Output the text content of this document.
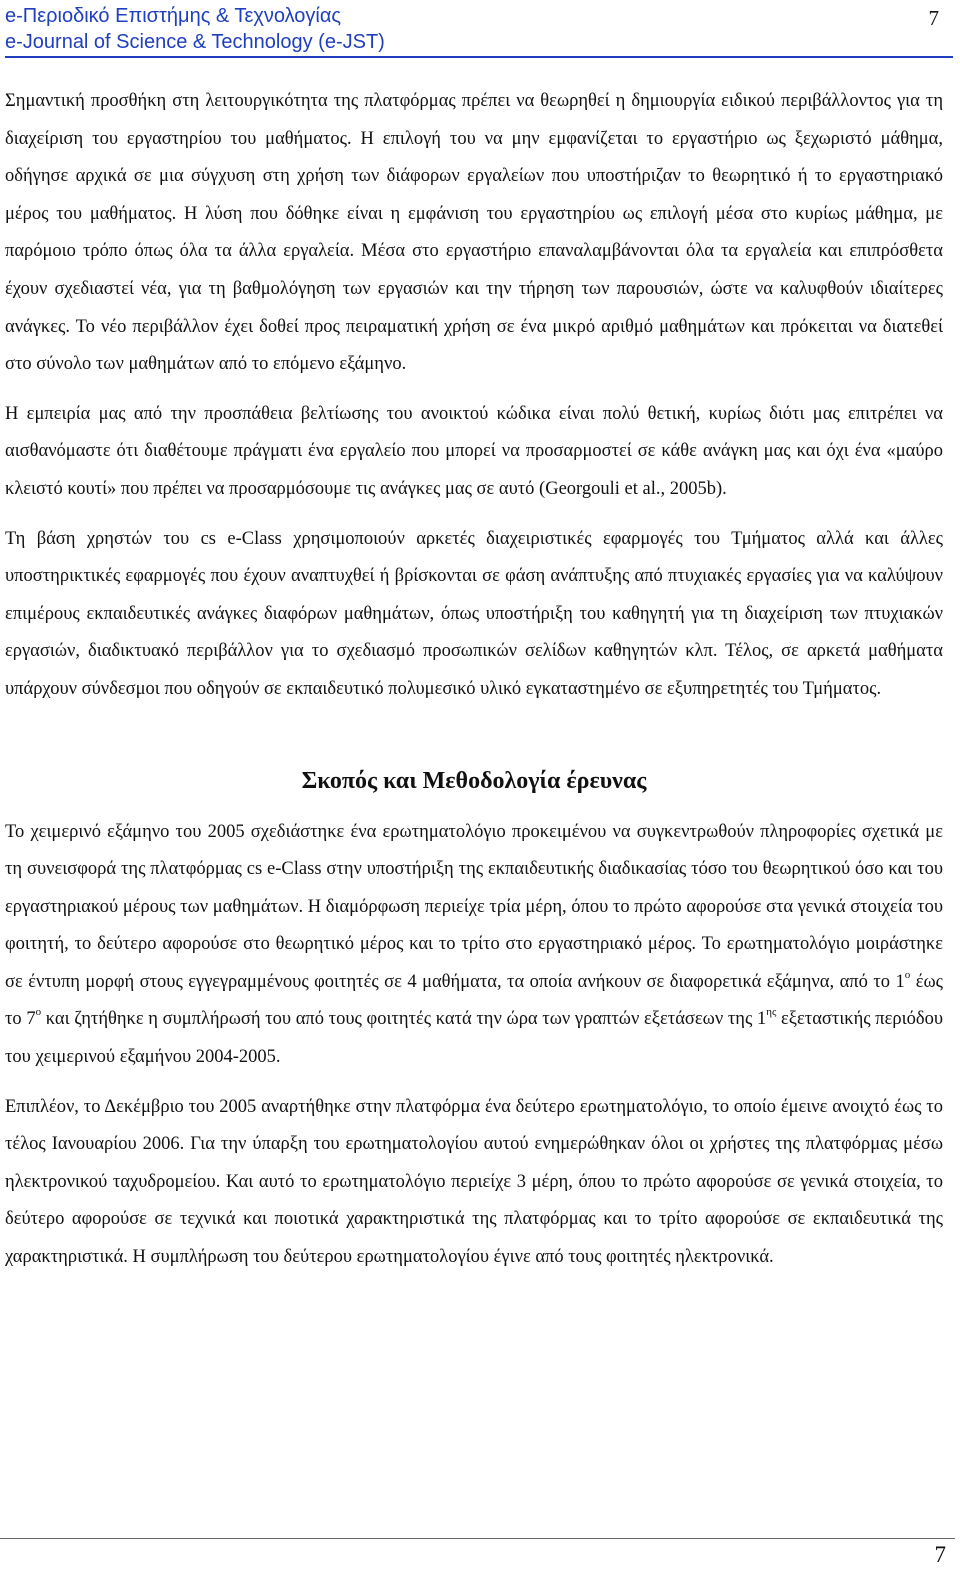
e-Περιοδικό Επιστήμης & Τεχνολογίας
e-Journal of Science & Technology (e-JST)
7

Σημαντική προσθήκη στη λειτουργικότητα της πλατφόρμας πρέπει να θεωρηθεί η δημιουργία ειδικού περιβάλλοντος για τη διαχείριση του εργαστηρίου του μαθήματος. Η επιλογή του να μην εμφανίζεται το εργαστήριο ως ξεχωριστό μάθημα, οδήγησε αρχικά σε μια σύγχυση στη χρήση των διάφορων εργαλείων που υποστήριζαν το θεωρητικό ή το εργαστηριακό μέρος του μαθήματος. Η λύση που δόθηκε είναι η εμφάνιση του εργαστηρίου ως επιλογή μέσα στο κυρίως μάθημα, με παρόμοιο τρόπο όπως όλα τα άλλα εργαλεία. Μέσα στο εργαστήριο επαναλαμβάνονται όλα τα εργαλεία και επιπρόσθετα έχουν σχεδιαστεί νέα, για τη βαθμολόγηση των εργασιών και την τήρηση των παρουσιών, ώστε να καλυφθούν ιδιαίτερες ανάγκες. Το νέο περιβάλλον έχει δοθεί προς πειραματική χρήση σε ένα μικρό αριθμό μαθημάτων και πρόκειται να διατεθεί στο σύνολο των μαθημάτων από το επόμενο εξάμηνο.

Η εμπειρία μας από την προσπάθεια βελτίωσης του ανοικτού κώδικα είναι πολύ θετική, κυρίως διότι μας επιτρέπει να αισθανόμαστε ότι διαθέτουμε πράγματι ένα εργαλείο που μπορεί να προσαρμοστεί σε κάθε ανάγκη μας και όχι ένα «μαύρο κλειστό κουτί» που πρέπει να προσαρμόσουμε τις ανάγκες μας σε αυτό (Georgouli et al., 2005b).

Τη βάση χρηστών του cs e-Class χρησιμοποιούν αρκετές διαχειριστικές εφαρμογές του Τμήματος αλλά και άλλες υποστηρικτικές εφαρμογές που έχουν αναπτυχθεί ή βρίσκονται σε φάση ανάπτυξης από πτυχιακές εργασίες για να καλύψουν επιμέρους εκπαιδευτικές ανάγκες διαφόρων μαθημάτων, όπως υποστήριξη του καθηγητή για τη διαχείριση των πτυχιακών εργασιών, διαδικτυακό περιβάλλον για το σχεδιασμό προσωπικών σελίδων καθηγητών κλπ. Τέλος, σε αρκετά μαθήματα υπάρχουν σύνδεσμοι που οδηγούν σε εκπαιδευτικό πολυμεσικό υλικό εγκαταστημένο σε εξυπηρετητές του Τμήματος.

Σκοπός και Μεθοδολογία έρευνας

Το χειμερινό εξάμηνο του 2005 σχεδιάστηκε ένα ερωτηματολόγιο προκειμένου να συγκεντρωθούν πληροφορίες σχετικά με τη συνεισφορά της πλατφόρμας cs e-Class στην υποστήριξη της εκπαιδευτικής διαδικασίας τόσο του θεωρητικού όσο και του εργαστηριακού μέρους των μαθημάτων. Η διαμόρφωση περιείχε τρία μέρη, όπου το πρώτο αφορούσε στα γενικά στοιχεία του φοιτητή, το δεύτερο αφορούσε στο θεωρητικό μέρος και το τρίτο στο εργαστηριακό μέρος. Το ερωτηματολόγιο μοιράστηκε σε έντυπη μορφή στους εγγεγραμμένους φοιτητές σε 4 μαθήματα, τα οποία ανήκουν σε διαφορετικά εξάμηνα, από το $1^o$ έως το $7^o$ και ζητήθηκε η συμπλήρωσή του από τους φοιτητές κατά την ώρα των γραπτών εξετάσεων της $1^{\eta\varsigma}$ εξεταστικής περιόδου του χειμερινού εξαμήνου 2004-2005.

Επιπλέον, το Δεκέμβριο του 2005 αναρτήθηκε στην πλατφόρμα ένα δεύτερο ερωτηματολόγιο, το οποίο έμεινε ανοιχτό έως το τέλος Ιανουαρίου 2006. Για την ύπαρξη του ερωτηματολογίου αυτού ενημερώθηκαν όλοι οι χρήστες της πλατφόρμας μέσω ηλεκτρονικού ταχυδρομείου. Και αυτό το ερωτηματολόγιο περιείχε 3 μέρη, όπου το πρώτο αφορούσε σε γενικά στοιχεία, το δεύτερο αφορούσε σε τεχνικά και ποιοτικά χαρακτηριστικά της πλατφόρμας και το τρίτο αφορούσε σε εκπαιδευτικά της χαρακτηριστικά. Η συμπλήρωση του δεύτερου ερωτηματολογίου έγινε από τους φοιτητές ηλεκτρονικά.

7
